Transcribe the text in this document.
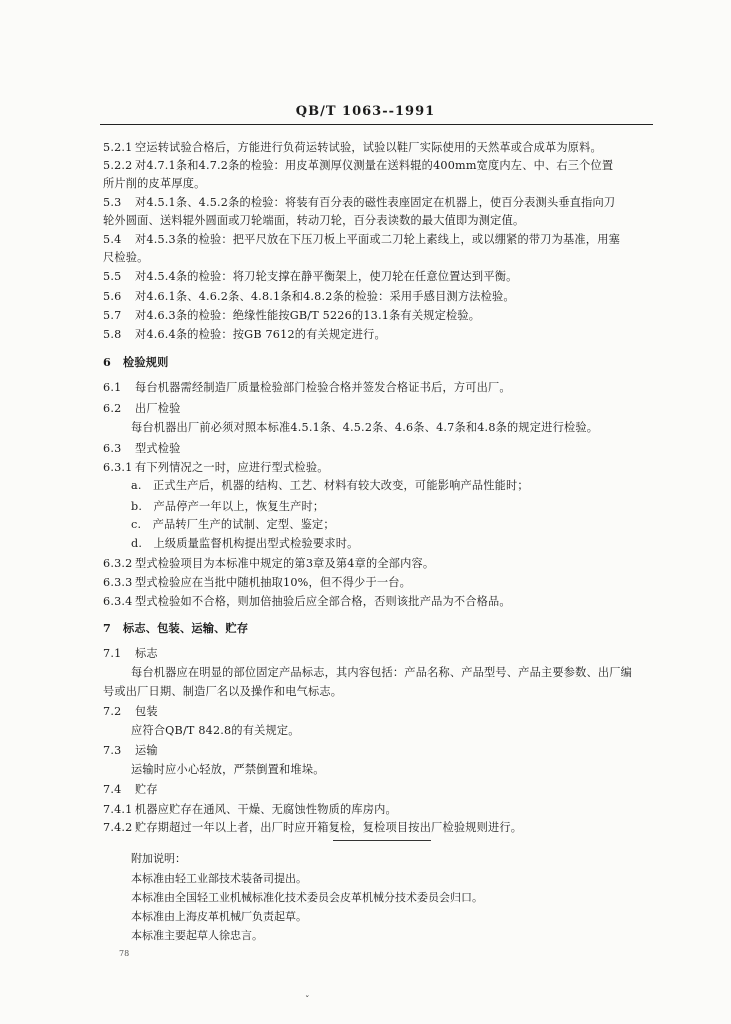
QB/T 1063--1991
5.2.1 空运转试验合格后，方能进行负荷运转试验，试验以鞋厂实际使用的天然革或合成革为原料。
5.2.2 对4.7.1条和4.7.2条的检验：用皮革测厚仪测量在送料辊的400mm宽度内左、中、右三个位置
所片削的皮革厚度。
5.3 对4.5.1条、4.5.2条的检验：将装有百分表的磁性表座固定在机器上，使百分表测头垂直指向刀
轮外圆面、送料辊外圆面或刀轮端面，转动刀轮，百分表读数的最大值即为测定值。
5.4 对4.5.3条的检验：把平尺放在下压刀板上平面或二刀轮上素线上，或以绷紧的带刀为基准，用塞
尺检验。
5.5 对4.5.4条的检验：将刀轮支撑在静平衡架上，使刀轮在任意位置达到平衡。
5.6 对4.6.1条、4.6.2条、4.8.1条和4.8.2条的检验：采用手感目测方法检验。
5.7 对4.6.3条的检验：绝缘性能按GB/T 5226的13.1条有关规定检验。
5.8 对4.6.4条的检验：按GB 7612的有关规定进行。
6 检验规则
6.1 每台机器需经制造厂质量检验部门检验合格并签发合格证书后，方可出厂。
6.2 出厂检验
每台机器出厂前必须对照本标准4.5.1条、4.5.2条、4.6条、4.7条和4.8条的规定进行检验。
6.3 型式检验
6.3.1 有下列情况之一时，应进行型式检验。
a.　正式生产后，机器的结构、工艺、材料有较大改变，可能影响产品性能时；
b.　产品停产一年以上，恢复生产时；
c.　产品转厂生产的试制、定型、鉴定；
d.　上级质量监督机构提出型式检验要求时。
6.3.2 型式检验项目为本标准中规定的第3章及第4章的全部内容。
6.3.3 型式检验应在当批中随机抽取10%，但不得少于一台。
6.3.4 型式检验如不合格，则加倍抽验后应全部合格，否则该批产品为不合格品。
7 标志、包装、运输、贮存
7.1 标志
每台机器应在明显的部位固定产品标志，其内容包括：产品名称、产品型号、产品主要参数、出厂编
号或出厂日期、制造厂名以及操作和电气标志。
7.2 包装
应符合QB/T 842.8的有关规定。
7.3 运输
运输时应小心轻放，严禁倒置和堆垛。
7.4 贮存
7.4.1 机器应贮存在通风、干燥、无腐蚀性物质的库房内。
7.4.2 贮存期超过一年以上者，出厂时应开箱复检，复检项目按出厂检验规则进行。
附加说明：
本标准由轻工业部技术装备司提出。
本标准由全国轻工业机械标准化技术委员会皮革机械分技术委员会归口。
本标准由上海皮革机械厂负责起草。
本标准主要起草人徐忠言。
78
ˇ
